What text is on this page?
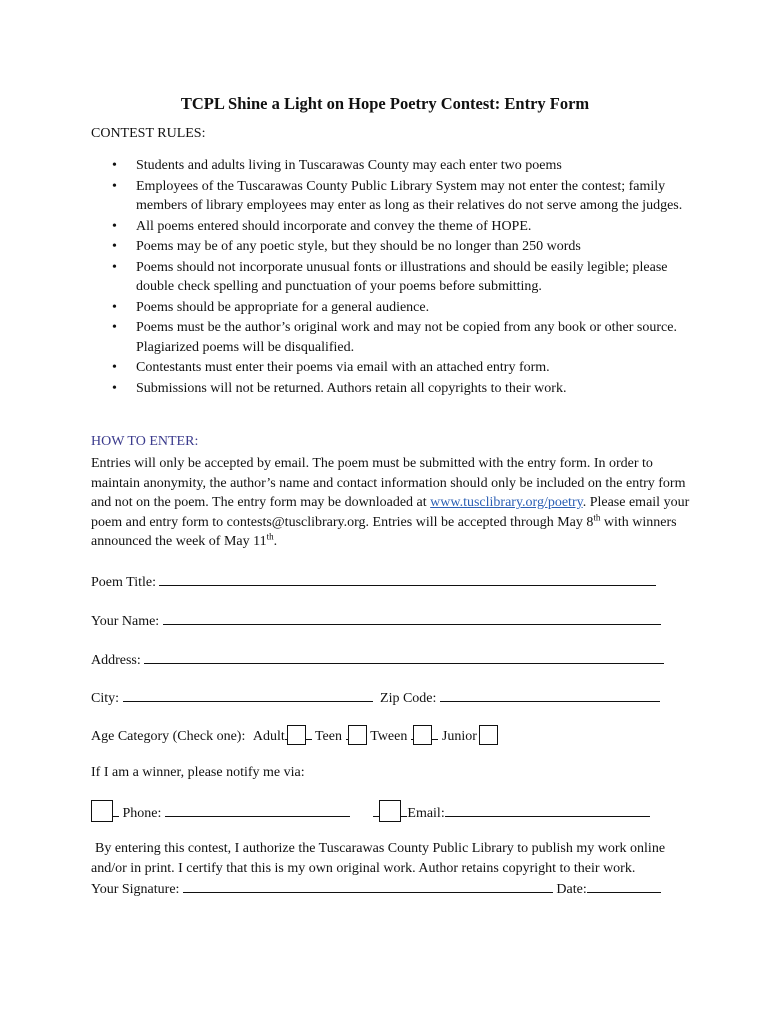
TCPL Shine a Light on Hope Poetry Contest: Entry Form
CONTEST RULES:
• Students and adults living in Tuscarawas County may each enter two poems
• Employees of the Tuscarawas County Public Library System may not enter the contest; family members of library employees may enter as long as their relatives do not serve among the judges.
• All poems entered should incorporate and convey the theme of HOPE.
• Poems may be of any poetic style, but they should be no longer than 250 words
• Poems should not incorporate unusual fonts or illustrations and should be easily legible; please double check spelling and punctuation of your poems before submitting.
• Poems should be appropriate for a general audience.
• Poems must be the author’s original work and may not be copied from any book or other source. Plagiarized poems will be disqualified.
• Contestants must enter their poems via email with an attached entry form.
• Submissions will not be returned. Authors retain all copyrights to their work.
HOW TO ENTER:
Entries will only be accepted by email. The poem must be submitted with the entry form. In order to maintain anonymity, the author’s name and contact information should only be included on the entry form and not on the poem. The entry form may be downloaded at www.tusclibrary.org/poetry. Please email your poem and entry form to contests@tusclibrary.org. Entries will be accepted through May 8th with winners announced the week of May 11th.
Poem Title:
Your Name:
Address:
City:	Zip Code:
Age Category (Check one): Adult Teen Tween Junior
If I am a winner, please notify me via:
Phone:	Email:
By entering this contest, I authorize the Tuscarawas County Public Library to publish my work online and/or in print. I certify that this is my own original work. Author retains copyright to their work.
Your Signature:	Date:
